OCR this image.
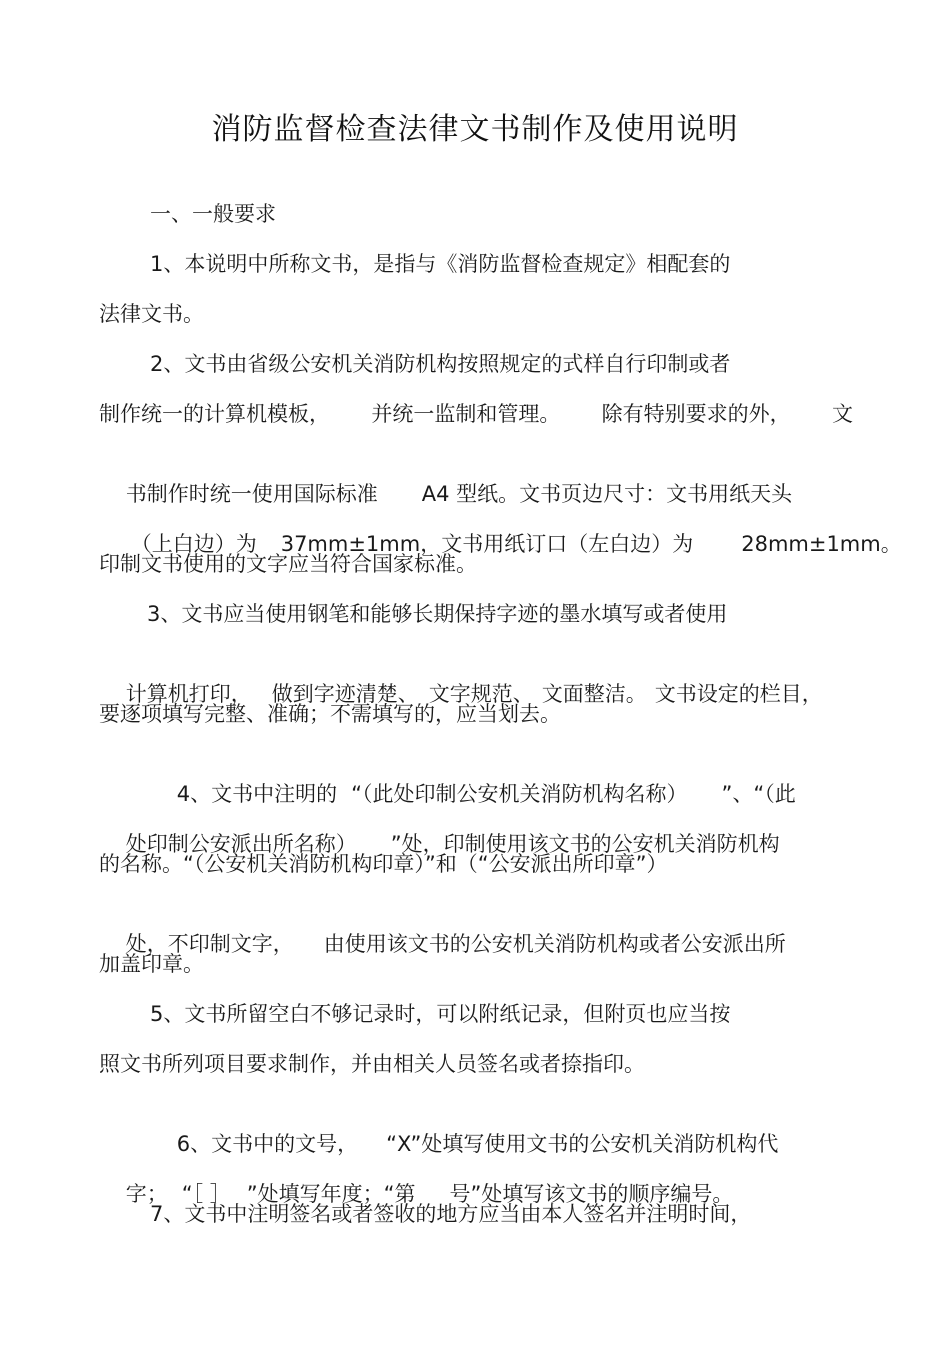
消防监督检查法律文书制作及使用说明
一、一般要求
1、本说明中所称文书，是指与《消防监督检查规定》相配套的
法律文书。
2、文书由省级公安机关消防机构按照规定的式样自行印制或者
制作统一的计算机模板， 并统一监制和管理。 除有特别要求的外， 文

书制作时统一使用国际标准 A4 型纸。文书页边尺寸：文书用纸天头

（上白边）为 37mm±1mm，文书用纸订口（左白边）为 28mm±1mm。

印制文书使用的文字应当符合国家标准。
3、文书应当使用钢笔和能够长期保持字迹的墨水填写或者使用

计算机打印， 做到字迹清楚、 文字规范、 文面整洁。 文书设定的栏目，

要逐项填写完整、准确；不需填写的，应当划去。

4、文书中注明的 “（此处印制公安机关消防机构名称） ”、“（此

处印制公安派出所名称） ”处，印制使用该文书的公安机关消防机构

的名称。“（公安机关消防机构印章）”和（“公安派出所印章”）

处，不印制文字， 由使用该文书的公安机关消防机构或者公安派出所

加盖印章。
5、文书所留空白不够记录时，可以附纸记录，但附页也应当按
照文书所列项目要求制作，并由相关人员签名或者捺指印。

6、文书中的文号， “X”处填写使用文书的公安机关消防机构代

字； “［ ］ ”处填写年度；“第 号”处填写该文书的顺序编号。

7、文书中注明签名或者签收的地方应当由本人签名并注明时间，
